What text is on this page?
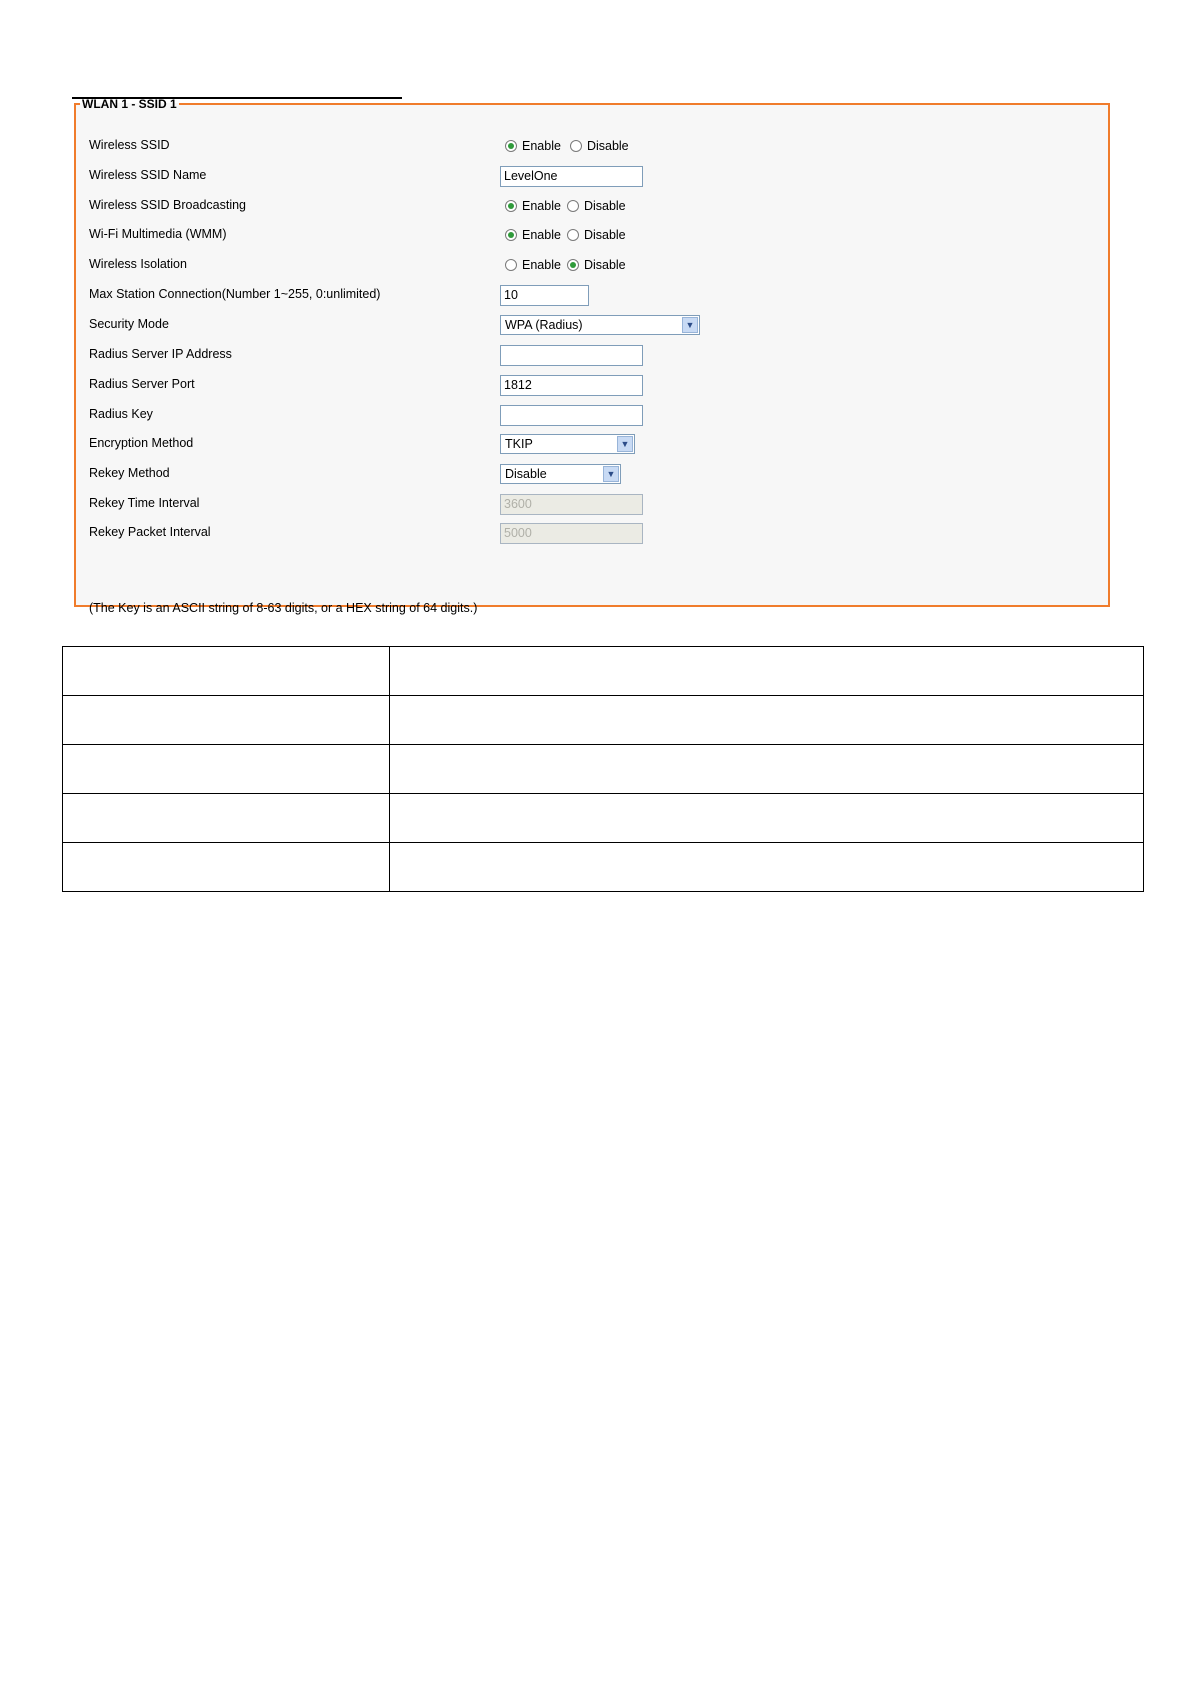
WLAN 1 - SSID 1
Wireless SSID	Enable Disable
Wireless SSID Name	LevelOne
Wireless SSID Broadcasting	Enable Disable
Wi-Fi Multimedia (WMM)	Enable Disable
Wireless Isolation	Enable Disable
Max Station Connection(Number 1~255, 0:unlimited)	10
Security Mode	WPA (Radius)	▼
Radius Server IP Address
Radius Server Port	1812
Radius Key
Encryption Method	TKIP	▼
Rekey Method	Disable	▼
Rekey Time Interval	3600
Rekey Packet Interval	5000
(The Key is an ASCII string of 8-63 digits, or a HEX string of 64 digits.)
